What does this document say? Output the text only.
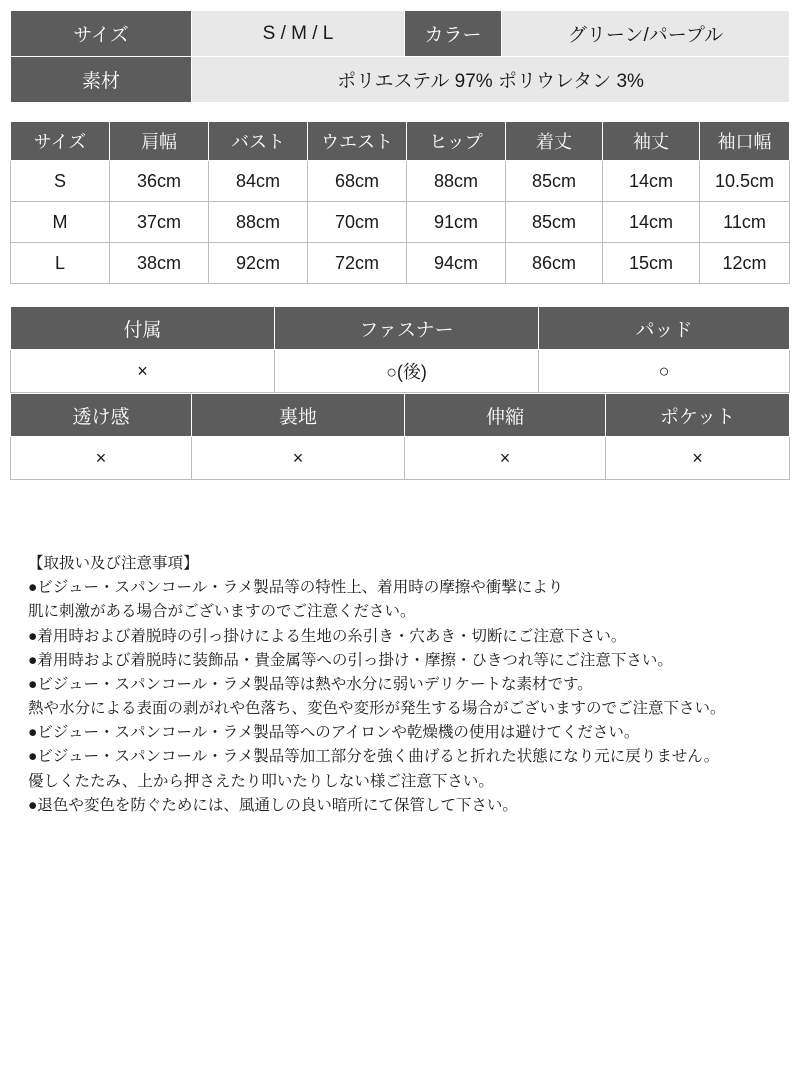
サイズ	S / M / L	カラー	グリーン/パープル
素材	ポリエステル 97% ポリウレタン 3%		
サイズ	肩幅	バスト	ウエスト	ヒップ	着丈	袖丈	袖口幅
S	36cm	84cm	68cm	88cm	85cm	14cm	10.5cm
M	37cm	88cm	70cm	91cm	85cm	14cm	11cm
L	38cm	92cm	72cm	94cm	86cm	15cm	12cm
付属	ファスナー	パッド
×	○(後)	○
透け感	裏地	伸縮	ポケット
×	×	×	×
【取扱い及び注意事項】
●ビジュー・スパンコール・ラメ製品等の特性上、着用時の摩擦や衝撃により
肌に刺激がある場合がございますのでご注意ください。
●着用時および着脱時の引っ掛けによる生地の糸引き・穴あき・切断にご注意下さい。
●着用時および着脱時に装飾品・貴金属等への引っ掛け・摩擦・ひきつれ等にご注意下さい。
●ビジュー・スパンコール・ラメ製品等は熱や水分に弱いデリケートな素材です。
熱や水分による表面の剥がれや色落ち、変色や変形が発生する場合がございますのでご注意下さい。
●ビジュー・スパンコール・ラメ製品等へのアイロンや乾燥機の使用は避けてください。
●ビジュー・スパンコール・ラメ製品等加工部分を強く曲げると折れた状態になり元に戻りません。
優しくたたみ、上から押さえたり叩いたりしない様ご注意下さい。
●退色や変色を防ぐためには、風通しの良い暗所にて保管して下さい。
